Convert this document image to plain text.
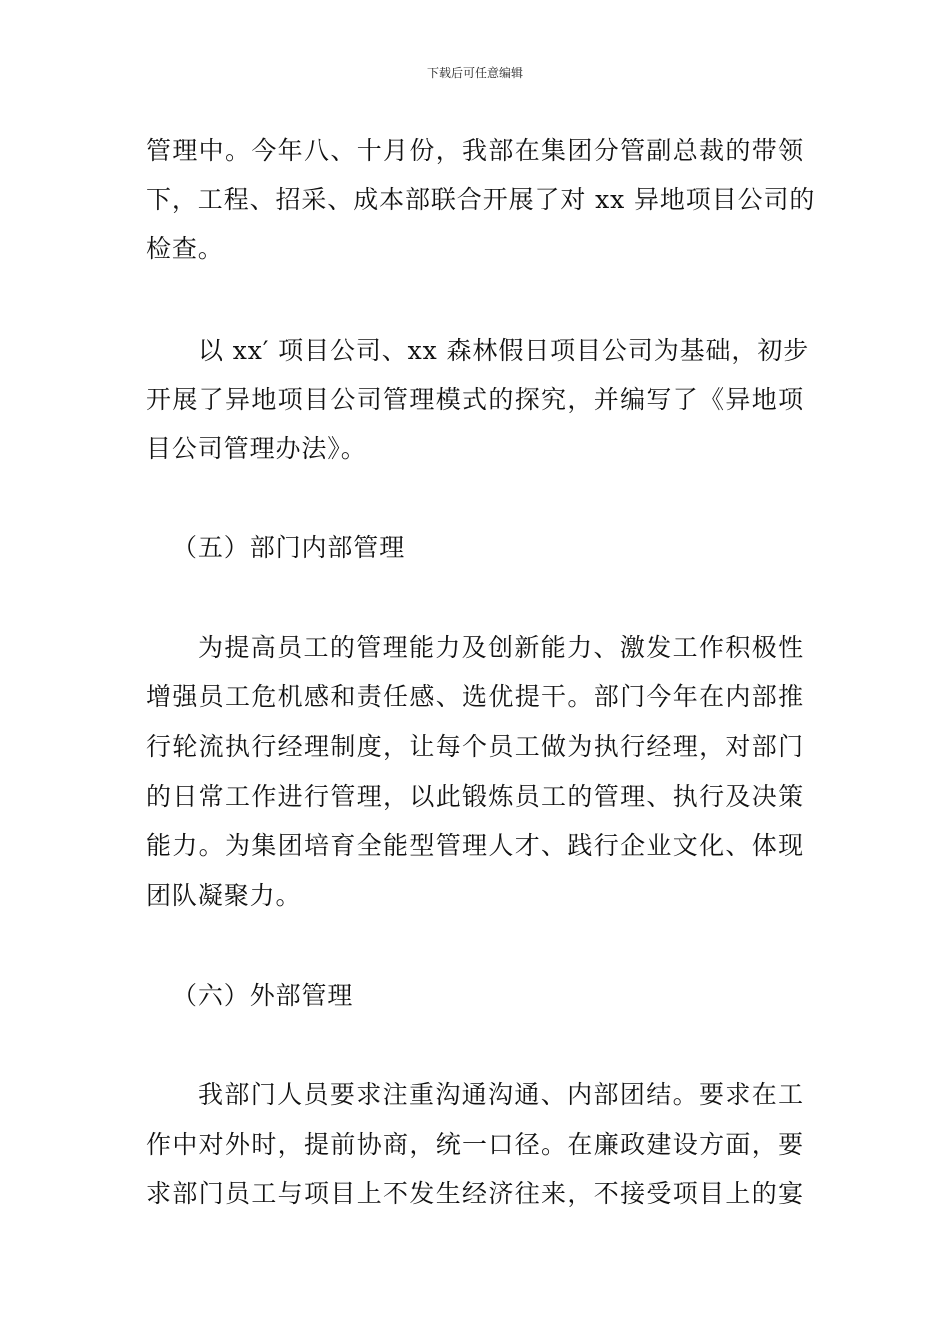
下载后可任意编辑
管理中。今年八、十月份，我部在集团分管副总裁的带领
下，工程、招采、成本部联合开展了对 xx 异地项目公司的
检查。
以 xx′ 项目公司、xx 森林假日项目公司为基础，初步
开展了异地项目公司管理模式的探究，并编写了《异地项
目公司管理办法》。
（五）部门内部管理
为提高员工的管理能力及创新能力、激发工作积极性
增强员工危机感和责任感、选优提干。部门今年在内部推
行轮流执行经理制度，让每个员工做为执行经理，对部门
的日常工作进行管理，以此锻炼员工的管理、执行及决策
能力。为集团培育全能型管理人才、践行企业文化、体现
团队凝聚力。
（六）外部管理
我部门人员要求注重沟通沟通、内部团结。要求在工
作中对外时，提前协商，统一口径。在廉政建设方面，要
求部门员工与项目上不发生经济往来，不接受项目上的宴
